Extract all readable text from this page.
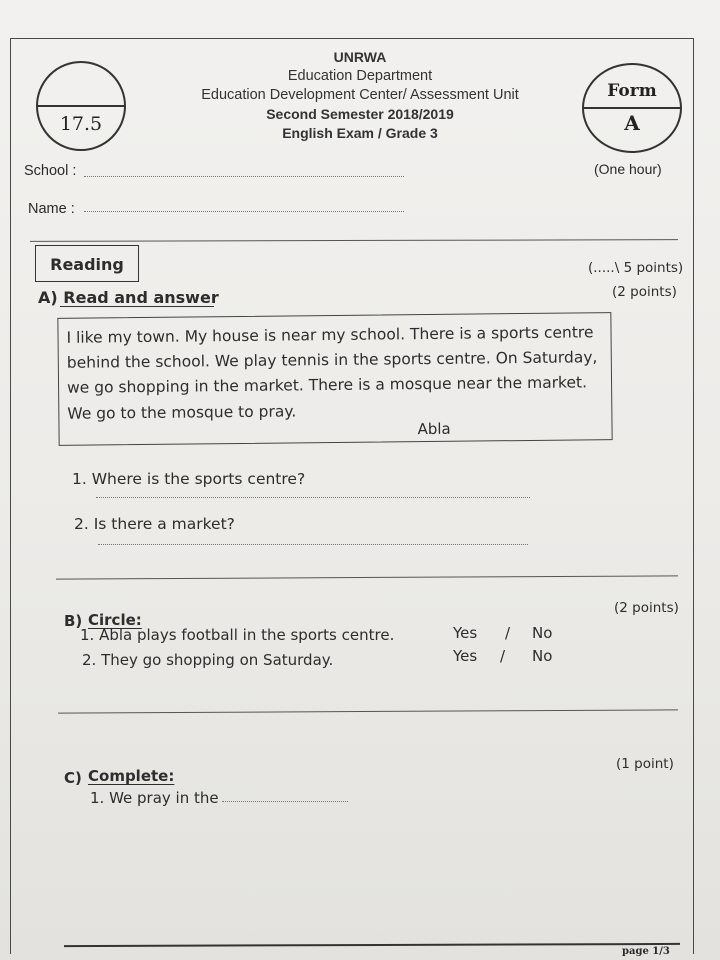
17.5
UNRWA
Education Department
Education Development Center/ Assessment Unit
Second Semester 2018/2019
English Exam / Grade 3
Form
A
School :	(One hour)
Name :
Reading	(.....\ 5 points)
A) Read and answer	(2 points)
I like my town. My house is near my school. There is a sports centre
behind the school. We play tennis in the sports centre. On Saturday,
we go shopping in the market. There is a mosque near the market.
We go to the mosque to pray.
Abla
1. Where is the sports centre?
2. Is there a market?
B) Circle:
(2 points)
1. Abla plays football in the sports centre.	Yes / No
2. They go shopping on Saturday.	Yes / No
C) Complete:
(1 point)
1. We pray in the
page 1/3
